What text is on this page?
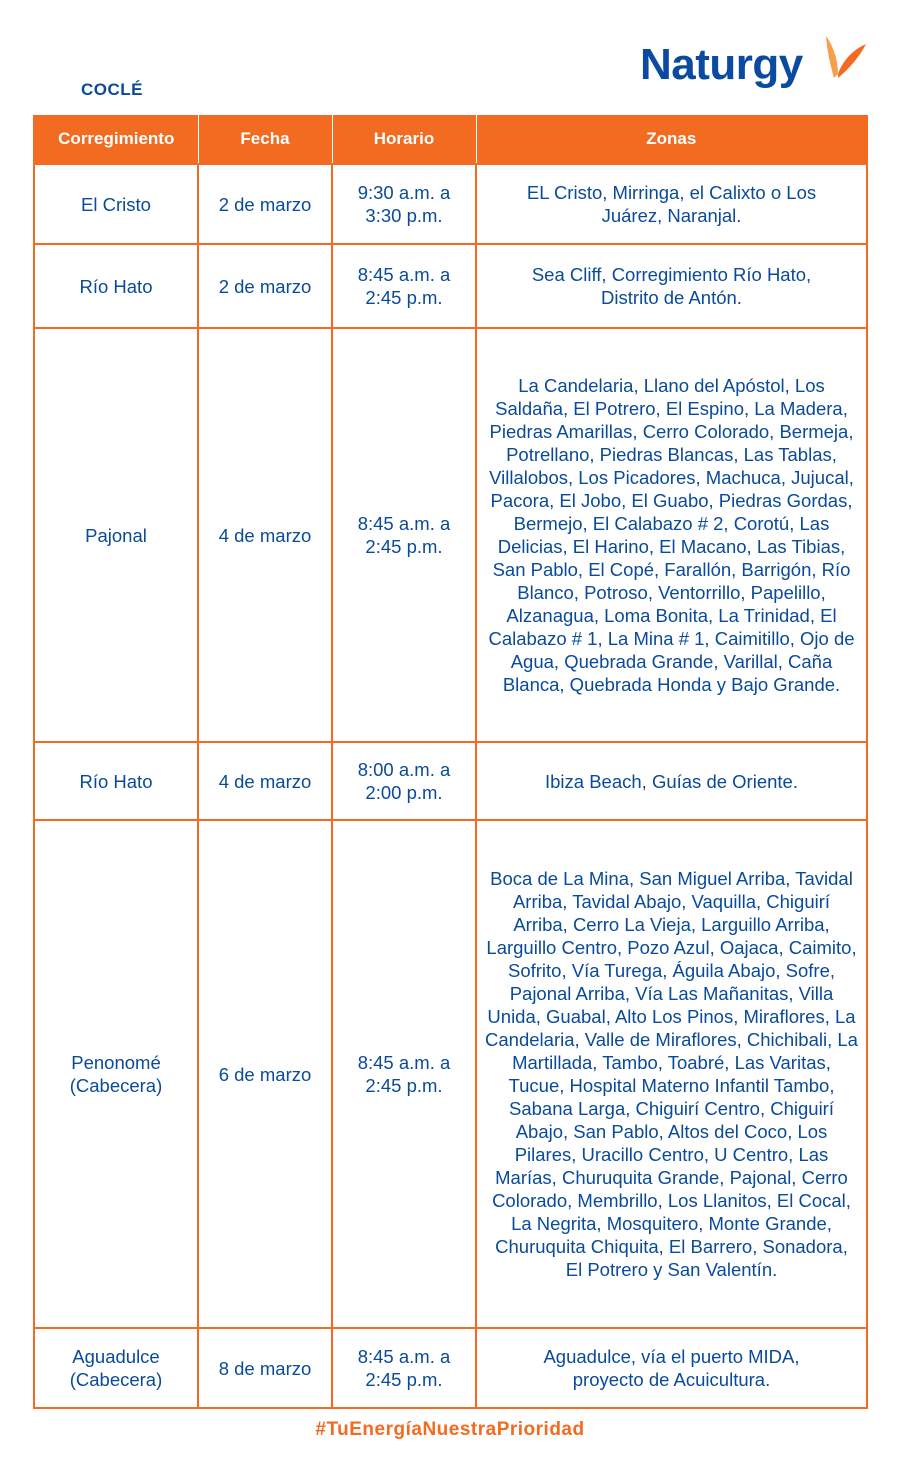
COCLÉ
Naturgy
Corregimiento	Fecha	Horario	Zonas
El Cristo	2 de marzo	9:30 a.m. a 3:30 p.m.	EL Cristo, Mirringa, el Calixto o Los Juárez, Naranjal.
Río Hato	2 de marzo	8:45 a.m. a 2:45 p.m.	Sea Cliff, Corregimiento Río Hato, Distrito de Antón.
Pajonal	4 de marzo	8:45 a.m. a 2:45 p.m.	La Candelaria, Llano del Apóstol, Los Saldaña, El Potrero, El Espino, La Madera, Piedras Amarillas, Cerro Colorado, Bermeja, Potrellano, Piedras Blancas, Las Tablas, Villalobos, Los Picadores, Machuca, Jujucal, Pacora, El Jobo, El Guabo, Piedras Gordas, Bermejo, El Calabazo # 2, Corotú, Las Delicias, El Harino, El Macano, Las Tibias, San Pablo, El Copé, Farallón, Barrigón, Río Blanco, Potroso, Ventorrillo, Papelillo, Alzanagua, Loma Bonita, La Trinidad, El Calabazo # 1, La Mina # 1, Caimitillo, Ojo de Agua, Quebrada Grande, Varillal, Caña Blanca, Quebrada Honda y Bajo Grande.
Río Hato	4 de marzo	8:00 a.m. a 2:00 p.m.	Ibiza Beach, Guías de Oriente.
Penonomé (Cabecera)	6 de marzo	8:45 a.m. a 2:45 p.m.	Boca de La Mina, San Miguel Arriba, Tavidal Arriba, Tavidal Abajo, Vaquilla, Chiguirí Arriba, Cerro La Vieja, Larguillo Arriba, Larguillo Centro, Pozo Azul, Oajaca, Caimito, Sofrito, Vía Turega, Águila Abajo, Sofre, Pajonal Arriba, Vía Las Mañanitas, Villa Unida, Guabal, Alto Los Pinos, Miraflores, La Candelaria, Valle de Miraflores, Chichibali, La Martillada, Tambo, Toabré, Las Varitas, Tucue, Hospital Materno Infantil Tambo, Sabana Larga, Chiguirí Centro, Chiguirí Abajo, San Pablo, Altos del Coco, Los Pilares, Uracillo Centro, U Centro, Las Marías, Churuquita Grande, Pajonal, Cerro Colorado, Membrillo, Los Llanitos, El Cocal, La Negrita, Mosquitero, Monte Grande, Churuquita Chiquita, El Barrero, Sonadora, El Potrero y San Valentín.
Aguadulce (Cabecera)	8 de marzo	8:45 a.m. a 2:45 p.m.	Aguadulce, vía el puerto MIDA, proyecto de Acuicultura.
#TuEnergíaNuestraPrioridad
